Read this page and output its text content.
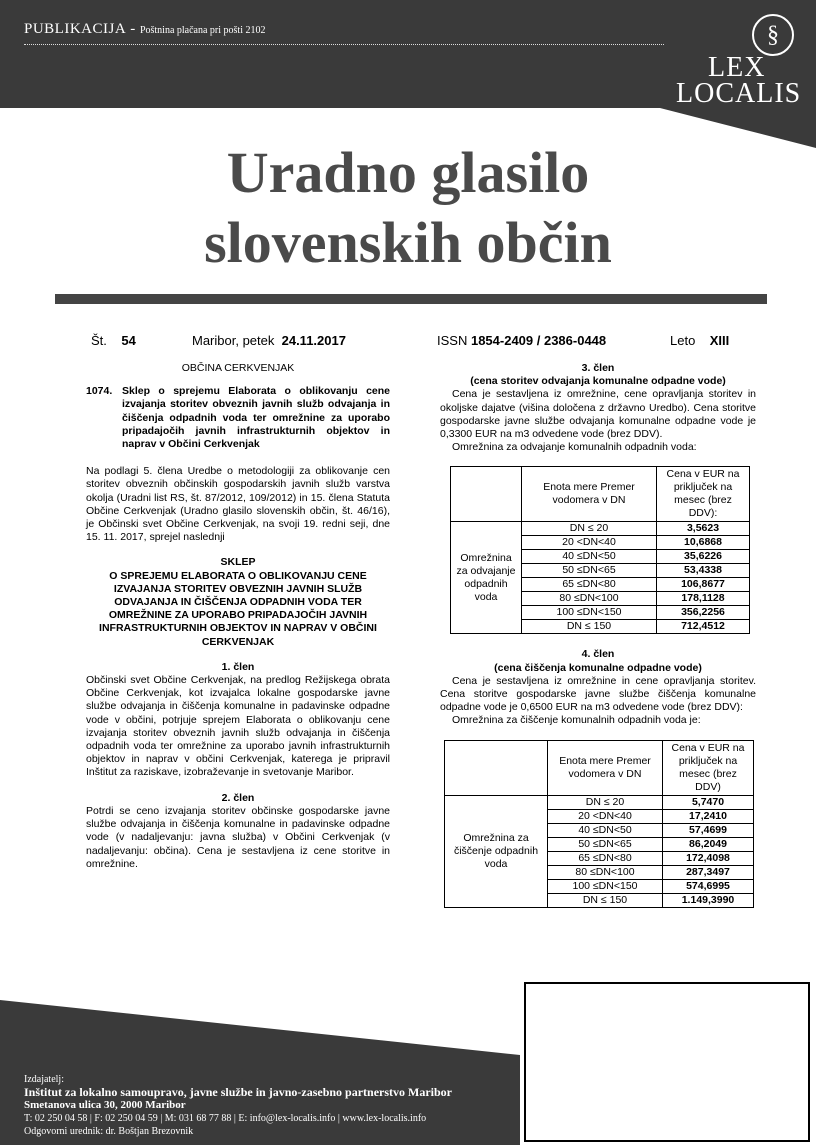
PUBLIKACIJA - Poštnina plačana pri pošti 2102	§
LEX
LOCALIS
Uradno glasilo
slovenskih občin
Št. 54	Maribor, petek 24.11.2017	ISSN 1854-2409 / 2386-0448	Leto XIII
OBČINA CERKVENJAK
1074. Sklep o sprejemu Elaborata o oblikovanju cene izvajanja storitev obveznih javnih služb odvajanja in čiščenja odpadnih voda ter omrežnine za uporabo pripadajočih javnih infrastrukturnih objektov in naprav v Občini Cerkvenjak
Na podlagi 5. člena Uredbe o metodologiji za oblikovanje cen storitev obveznih občinskih gospodarskih javnih služb varstva okolja (Uradni list RS, št. 87/2012, 109/2012) in 15. člena Statuta Občine Cerkvenjak (Uradno glasilo slovenskih občin, št. 46/16), je Občinski svet Občine Cerkvenjak, na svoji 19. redni seji, dne 15. 11. 2017, sprejel naslednji
SKLEP
O SPREJEMU ELABORATA O OBLIKOVANJU CENE IZVAJANJA STORITEV OBVEZNIH JAVNIH SLUŽB ODVAJANJA IN ČIŠČENJA ODPADNIH VODA TER OMREŽNINE ZA UPORABO PRIPADAJOČIH JAVNIH INFRASTRUKTURNIH OBJEKTOV IN NAPRAV V OBČINI CERKVENJAK
1. člen
Občinski svet Občine Cerkvenjak, na predlog Režijskega obrata Občine Cerkvenjak, kot izvajalca lokalne gospodarske javne službe odvajanja in čiščenja komunalne in padavinske odpadne vode v občini, potrjuje sprejem Elaborata o oblikovanju cene izvajanja storitev obveznih javnih služb odvajanja in čiščenja odpadnih voda ter omrežnine za uporabo javnih infrastrukturnih objektov in naprav v občini Cerkvenjak, katerega je pripravil Inštitut za raziskave, izobraževanje in svetovanje Maribor.
2. člen
Potrdi se ceno izvajanja storitev občinske gospodarske javne službe odvajanja in čiščenja komunalne in padavinske odpadne vode (v nadaljevanju: javna služba) v Občini Cerkvenjak (v nadaljevanju: občina). Cena je sestavljena iz cene storitve in omrežnine.
3. člen
(cena storitev odvajanja komunalne odpadne vode)
Cena je sestavljena iz omrežnine, cene opravljanja storitev in okoljske dajatve (višina določena z državno Uredbo). Cena storitve gospodarske javne službe odvajanja komunalne odpadne vode je 0,3300 EUR na m3 odvedene vode (brez DDV).
Omrežnina za odvajanje komunalnih odpadnih voda:
	Enota mere Premer vodomera v DN	Cena v EUR na priključek na mesec (brez DDV):
Omrežnina za odvajanje odpadnih voda	DN ≤ 20	3,5623
	20 <DN<40	10,6868
	40 ≤DN<50	35,6226
	50 ≤DN<65	53,4338
	65 ≤DN<80	106,8677
	80 ≤DN<100	178,1128
	100 ≤DN<150	356,2256
	DN ≤ 150	712,4512
4. člen
(cena čiščenja komunalne odpadne vode)
Cena je sestavljena iz omrežnine in cene opravljanja storitev. Cena storitve gospodarske javne službe čiščenja komunalne odpadne vode je 0,6500 EUR na m3 odvedene vode (brez DDV):
Omrežnina za čiščenje komunalnih odpadnih voda je:
	Enota mere Premer vodomera v DN	Cena v EUR na priključek na mesec (brez DDV)
Omrežnina za čiščenje odpadnih voda	DN ≤ 20	5,7470
	20 <DN<40	17,2410
	40 ≤DN<50	57,4699
	50 ≤DN<65	86,2049
	65 ≤DN<80	172,4098
	80 ≤DN<100	287,3497
	100 ≤DN<150	574,6995
	DN ≤ 150	1.149,3990
Izdajatelj:
Inštitut za lokalno samoupravo, javne službe in javno-zasebno partnerstvo Maribor
Smetanova ulica 30, 2000 Maribor
T: 02 250 04 58 | F: 02 250 04 59 | M: 031 68 77 88 | E: info@lex-localis.info | www.lex-localis.info
Odgovorni urednik: dr. Boštjan Brezovnik
